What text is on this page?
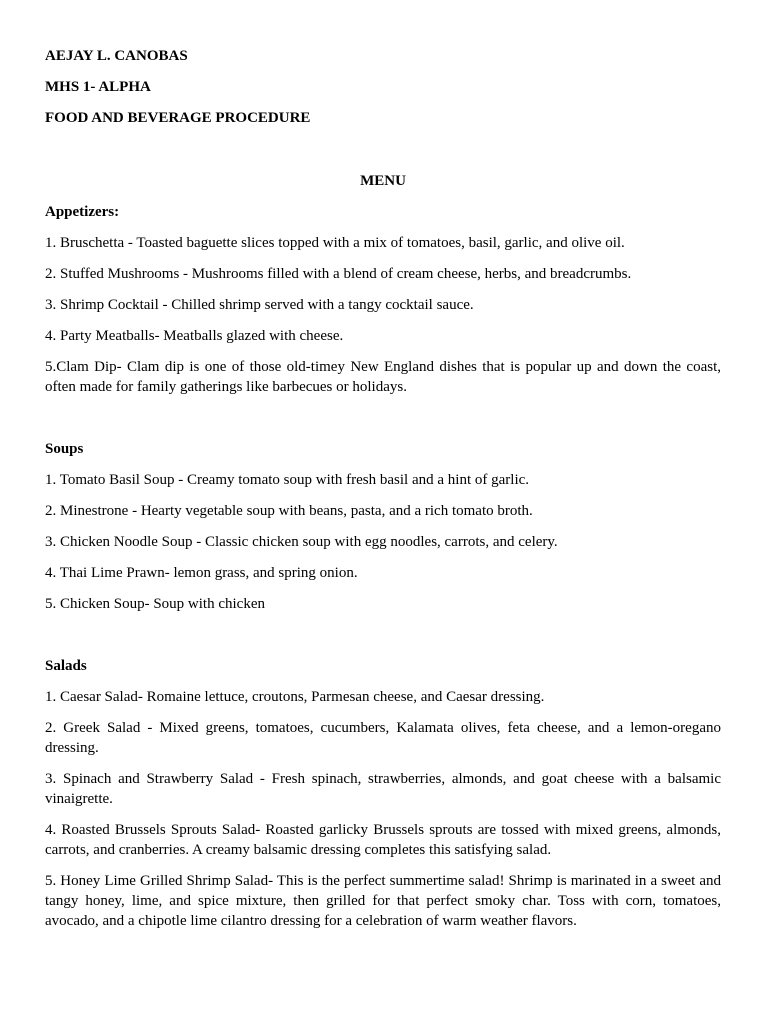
AEJAY L. CANOBAS
MHS 1- ALPHA
FOOD AND BEVERAGE PROCEDURE
MENU
Appetizers:
1. Bruschetta - Toasted baguette slices topped with a mix of tomatoes, basil, garlic, and olive oil.
2. Stuffed Mushrooms - Mushrooms filled with a blend of cream cheese, herbs, and breadcrumbs.
3. Shrimp Cocktail - Chilled shrimp served with a tangy cocktail sauce.
4. Party Meatballs- Meatballs glazed with cheese.
5.Clam Dip- Clam dip is one of those old-timey New England dishes that is popular up and down the coast, often made for family gatherings like barbecues or holidays.
Soups
1. Tomato Basil Soup - Creamy tomato soup with fresh basil and a hint of garlic.
2. Minestrone - Hearty vegetable soup with beans, pasta, and a rich tomato broth.
3. Chicken Noodle Soup - Classic chicken soup with egg noodles, carrots, and celery.
4. Thai Lime Prawn- lemon grass, and spring onion.
5. Chicken Soup- Soup with chicken
Salads
1. Caesar Salad- Romaine lettuce, croutons, Parmesan cheese, and Caesar dressing.
2. Greek Salad - Mixed greens, tomatoes, cucumbers, Kalamata olives, feta cheese, and a lemon-oregano dressing.
3. Spinach and Strawberry Salad - Fresh spinach, strawberries, almonds, and goat cheese with a balsamic vinaigrette.
4. Roasted Brussels Sprouts Salad- Roasted garlicky Brussels sprouts are tossed with mixed greens, almonds, carrots, and cranberries. A creamy balsamic dressing completes this satisfying salad.
5. Honey Lime Grilled Shrimp Salad- This is the perfect summertime salad! Shrimp is marinated in a sweet and tangy honey, lime, and spice mixture, then grilled for that perfect smoky char. Toss with corn, tomatoes, avocado, and a chipotle lime cilantro dressing for a celebration of warm weather flavors.
